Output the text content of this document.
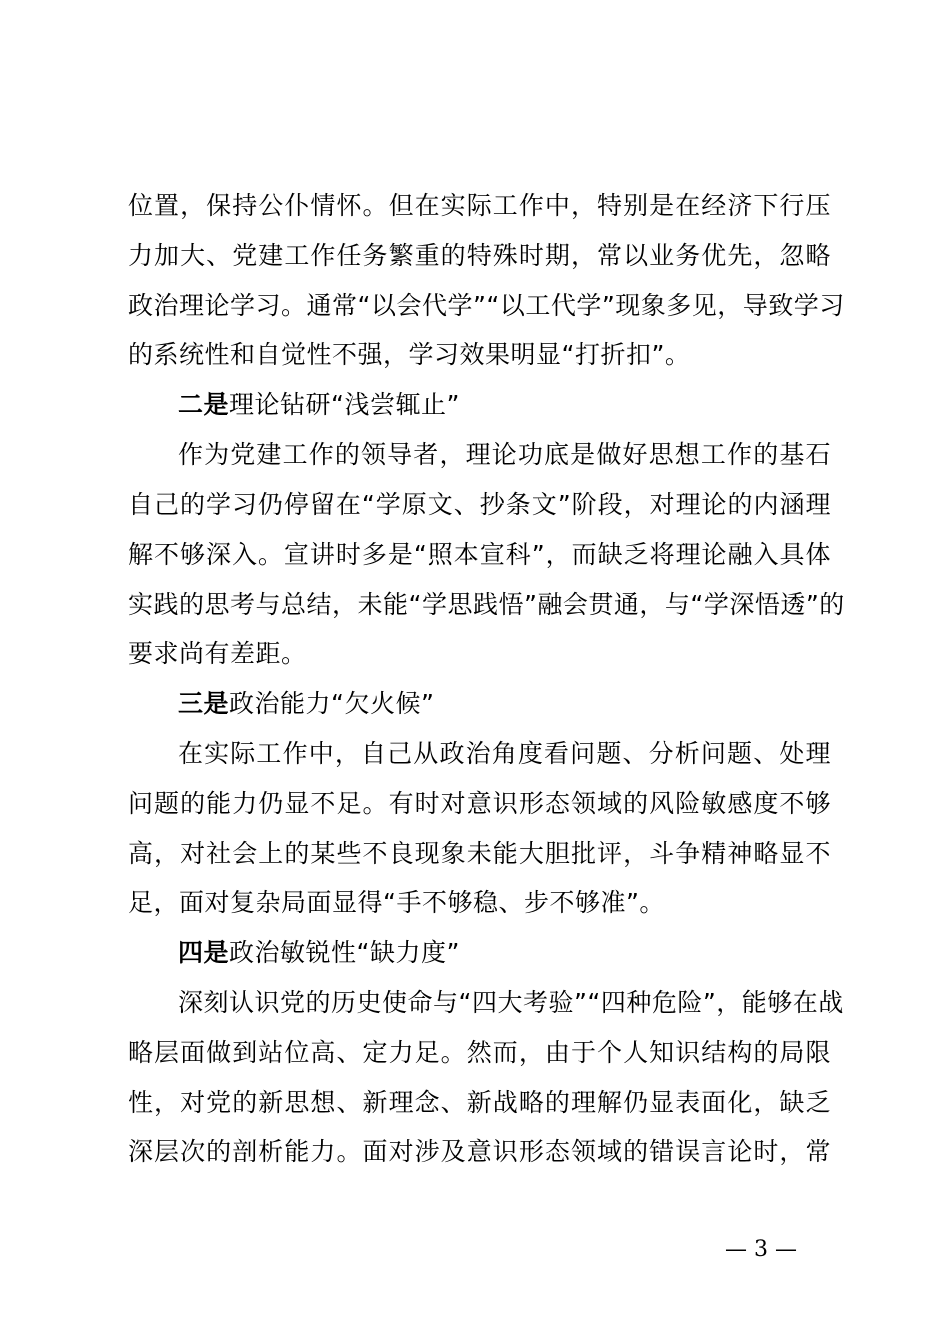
位置，保持公仆情怀。但在实际工作中，特别是在经济下行压
力加大、党建工作任务繁重的特殊时期，常以业务优先，忽略
政治理论学习。通常“以会代学”“以工代学”现象多见，导致学习
的系统性和自觉性不强，学习效果明显“打折扣”。
二是理论钻研“浅尝辄止”
作为党建工作的领导者，理论功底是做好思想工作的基石
自己的学习仍停留在“学原文、抄条文”阶段，对理论的内涵理
解不够深入。宣讲时多是“照本宣科”，而缺乏将理论融入具体
实践的思考与总结，未能“学思践悟”融会贯通，与“学深悟透”的
要求尚有差距。
三是政治能力“欠火候”
在实际工作中，自己从政治角度看问题、分析问题、处理
问题的能力仍显不足。有时对意识形态领域的风险敏感度不够
高，对社会上的某些不良现象未能大胆批评，斗争精神略显不
足，面对复杂局面显得“手不够稳、步不够准”。
四是政治敏锐性“缺力度”
深刻认识党的历史使命与“四大考验”“四种危险”，能够在战
略层面做到站位高、定力足。然而，由于个人知识结构的局限
性，对党的新思想、新理念、新战略的理解仍显表面化，缺乏
深层次的剖析能力。面对涉及意识形态领域的错误言论时，常
— 3 —
